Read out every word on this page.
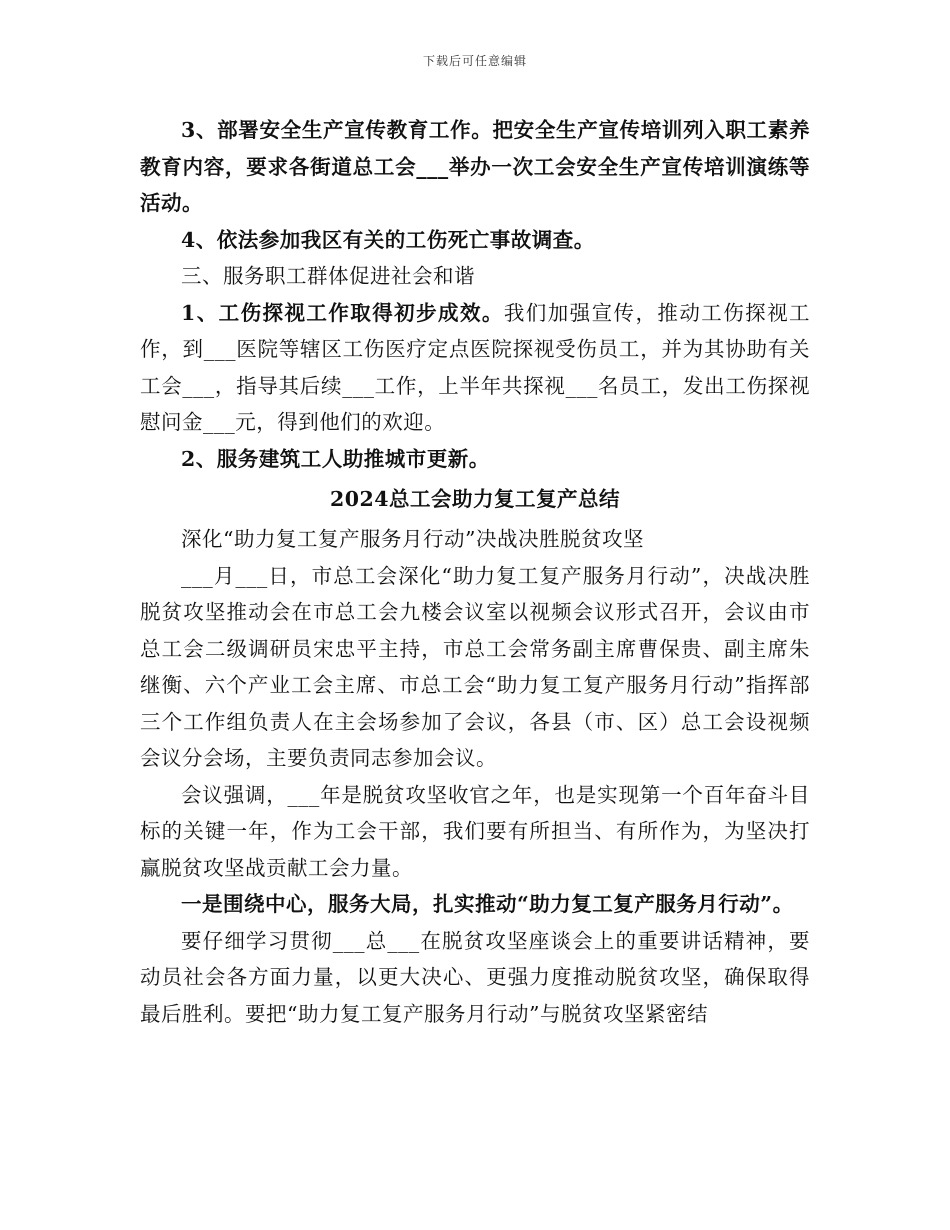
下载后可任意编辑

3、部署安全生产宣传教育工作。把安全生产宣传培训列入职工素养教育内容，要求各街道总工会___举办一次工会安全生产宣传培训演练等活动。

4、依法参加我区有关的工伤死亡事故调查。

三、服务职工群体促进社会和谐

1、工伤探视工作取得初步成效。我们加强宣传，推动工伤探视工作，到___医院等辖区工伤医疗定点医院探视受伤员工，并为其协助有关工会___，指导其后续___工作，上半年共探视___名员工，发出工伤探视慰问金___元，得到他们的欢迎。

2、服务建筑工人助推城市更新。

2024总工会助力复工复产总结

深化“助力复工复产服务月行动”决战决胜脱贫攻坚

___月___日，市总工会深化“助力复工复产服务月行动”，决战决胜脱贫攻坚推动会在市总工会九楼会议室以视频会议形式召开，会议由市总工会二级调研员宋忠平主持，市总工会常务副主席曹保贵、副主席朱继衡、六个产业工会主席、市总工会“助力复工复产服务月行动”指挥部三个工作组负责人在主会场参加了会议，各县（市、区）总工会设视频会议分会场，主要负责同志参加会议。

会议强调，___年是脱贫攻坚收官之年，也是实现第一个百年奋斗目标的关键一年，作为工会干部，我们要有所担当、有所作为，为坚决打赢脱贫攻坚战贡献工会力量。

一是围绕中心，服务大局，扎实推动“助力复工复产服务月行动”。

要仔细学习贯彻___总___在脱贫攻坚座谈会上的重要讲话精神，要动员社会各方面力量，以更大决心、更强力度推动脱贫攻坚，确保取得最后胜利。要把“助力复工复产服务月行动”与脱贫攻坚紧密结
